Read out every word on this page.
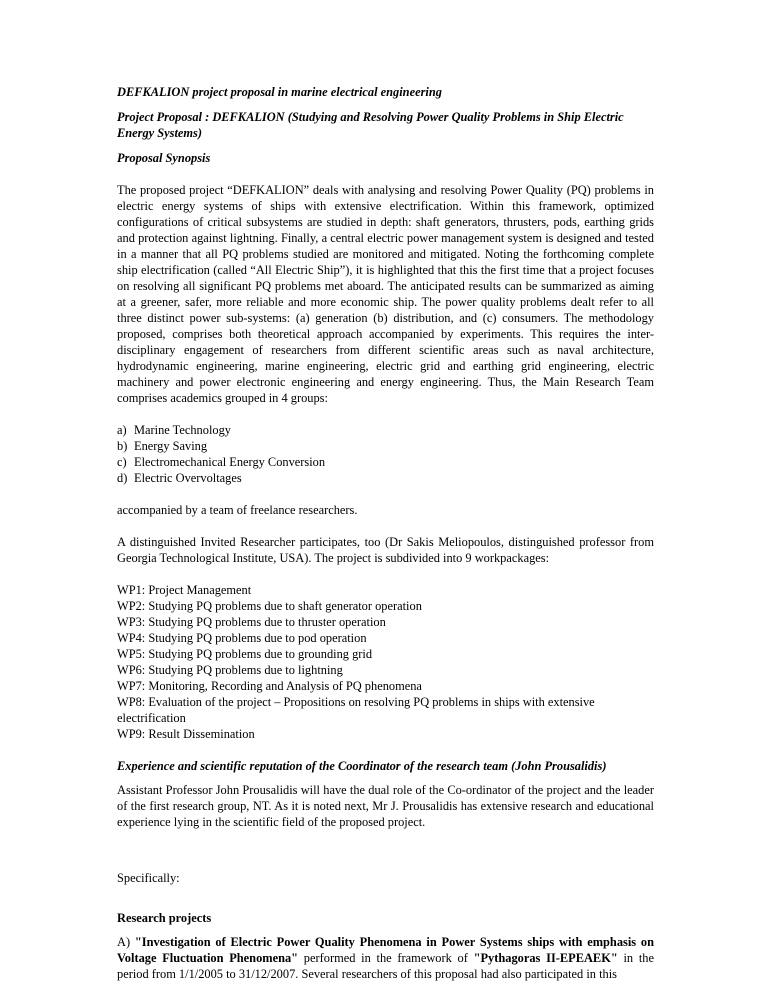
DEFKALION project proposal in marine electrical engineering

Project Proposal : DEFKALION (Studying and Resolving Power Quality Problems in Ship Electric Energy Systems)

Proposal Synopsis

The proposed project “DEFKALION” deals with analysing and resolving Power Quality (PQ) problems in electric energy systems of ships with extensive electrification. Within this framework, optimized configurations of critical subsystems are studied in depth: shaft generators, thrusters, pods, earthing grids and protection against lightning. Finally, a central electric power management system is designed and tested in a manner that all PQ problems studied are monitored and mitigated. Noting the forthcoming complete ship electrification (called “All Electric Ship”), it is highlighted that this the first time that a project focuses on resolving all significant PQ problems met aboard. The anticipated results can be summarized as aiming at a greener, safer, more reliable and more economic ship. The power quality problems dealt refer to all three distinct power sub-systems: (a) generation (b) distribution, and (c) consumers. The methodology proposed, comprises both theoretical approach accompanied by experiments. This requires the inter-disciplinary engagement of researchers from different scientific areas such as naval architecture, hydrodynamic engineering, marine engineering, electric grid and earthing grid engineering, electric machinery and power electronic engineering and energy engineering. Thus, the Main Research Team comprises academics grouped in 4 groups:

a) Marine Technology
b) Energy Saving
c) Electromechanical Energy Conversion
d) Electric Overvoltages

accompanied by a team of freelance researchers.

A distinguished Invited Researcher participates, too (Dr Sakis Meliopoulos, distinguished professor from Georgia Technological Institute, USA). The project is subdivided into 9 workpackages:

WP1: Project Management
WP2: Studying PQ problems due to shaft generator operation
WP3: Studying PQ problems due to thruster operation
WP4: Studying PQ problems due to pod operation
WP5: Studying PQ problems due to grounding grid
WP6: Studying PQ problems due to lightning
WP7: Monitoring, Recording and Analysis of PQ phenomena
WP8: Evaluation of the project – Propositions on resolving PQ problems in ships with extensive electrification
WP9: Result Dissemination

Experience and scientific reputation of the Coordinator of the research team (John Prousalidis)

Assistant Professor John Prousalidis will have the dual role of the Co-ordinator of the project and the leader of the first research group, NT. As it is noted next, Mr J. Prousalidis has extensive research and educational experience lying in the scientific field of the proposed project.

Specifically:

Research projects

A) "Investigation of Electric Power Quality Phenomena in Power Systems ships with emphasis on Voltage Fluctuation Phenomena" performed in the framework of "Pythagoras II-EPEAEK" in the period from 1/1/2005 to 31/12/2007. Several researchers of this proposal had also participated in this
